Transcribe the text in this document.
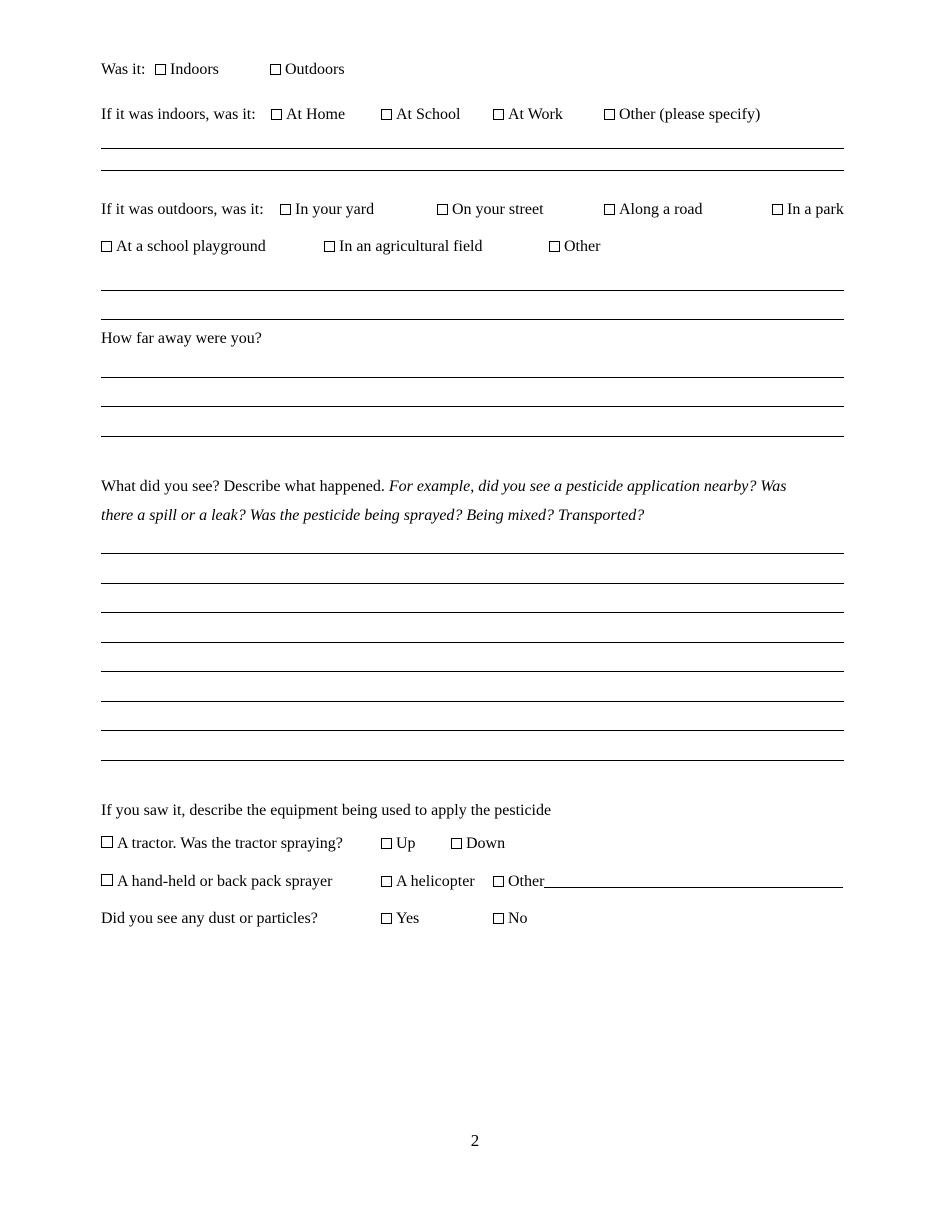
Was it:	Indoors	Outdoors
If it was indoors, was it:	At Home	At School	At Work	Other (please specify)
If it was outdoors, was it:	In your yard	On your street	Along a road	In a park
At a school playground	In an agricultural field	Other
How far away were you?
What did you see? Describe what happened. For example, did you see a pesticide application nearby? Was
there a spill or a leak? Was the pesticide being sprayed? Being mixed? Transported?
If you saw it, describe the equipment being used to apply the pesticide
A tractor. Was the tractor spraying?	Up	Down
A hand-held or back pack sprayer	A helicopter	Other
Did you see any dust or particles?	Yes	No
2
